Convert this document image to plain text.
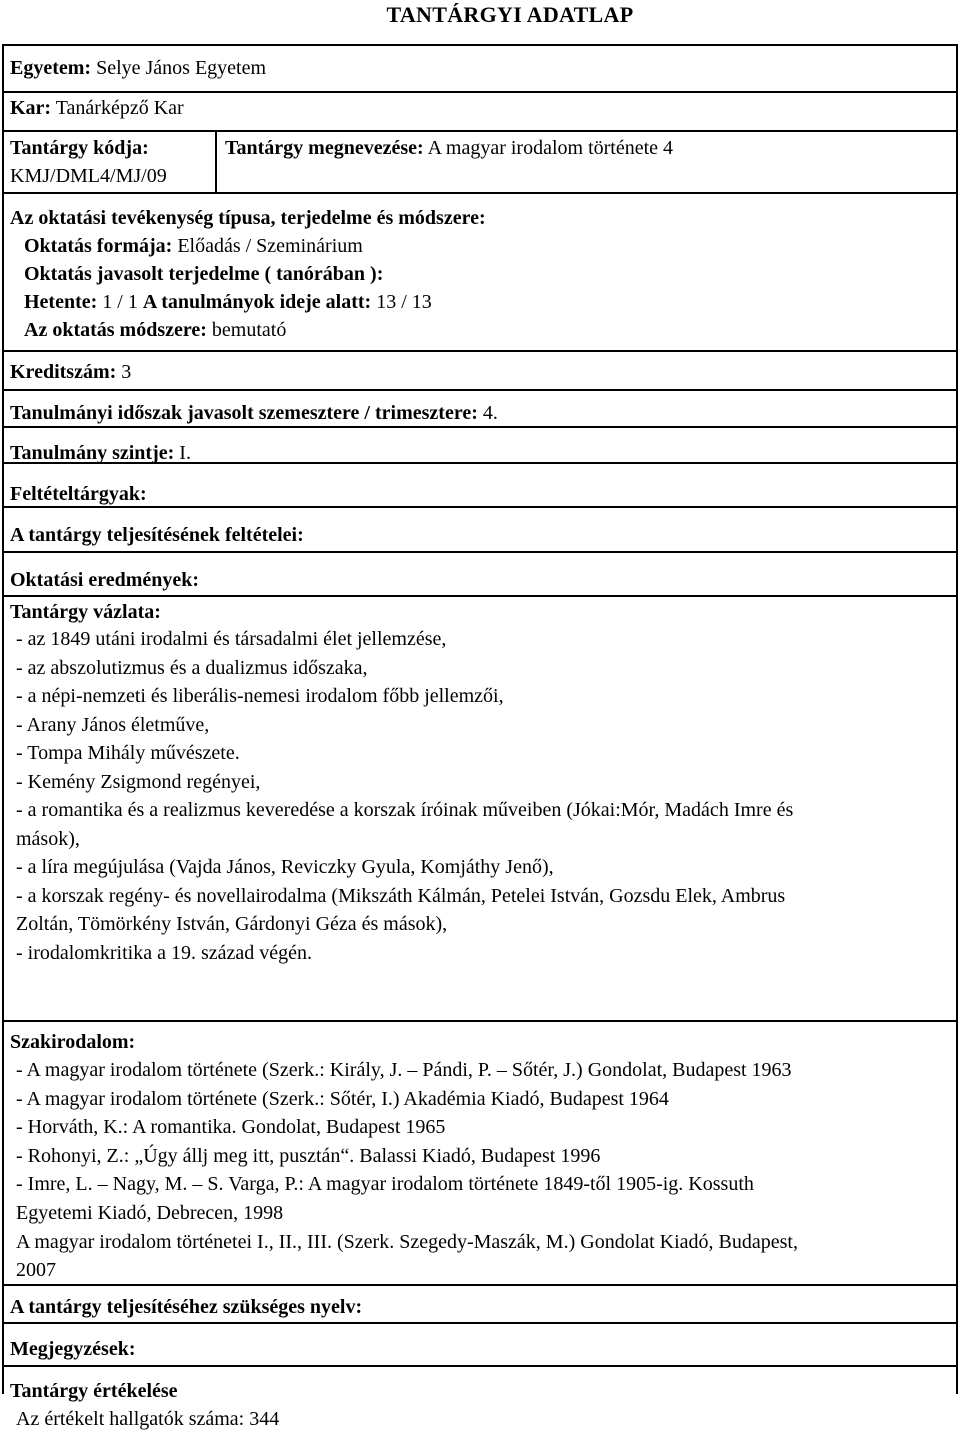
TANTÁRGYI ADATLAP
Egyetem: Selye János Egyetem
Kar: Tanárképző Kar
Tantárgy kódja:
KMJ/DML4/MJ/09
Tantárgy megnevezése: A magyar irodalom története 4
Az oktatási tevékenység típusa, terjedelme és módszere:
Oktatás formája: Előadás / Szeminárium
Oktatás javasolt terjedelme ( tanórában ):
Hetente: 1 / 1 A tanulmányok ideje alatt: 13 / 13
Az oktatás módszere: bemutató
Kreditszám: 3
Tanulmányi időszak javasolt szemesztere / trimesztere: 4.
Tanulmány szintje: I.
Feltételtárgyak:
A tantárgy teljesítésének feltételei:
Oktatási eredmények:
Tantárgy vázlata:
- az 1849 utáni irodalmi és társadalmi élet jellemzése,
- az abszolutizmus és a dualizmus időszaka,
- a népi-nemzeti és liberális-nemesi irodalom főbb jellemzői,
- Arany János életműve,
- Tompa Mihály művészete.
- Kemény Zsigmond regényei,
- a romantika és a realizmus keveredése a korszak íróinak műveiben (Jókai:Mór, Madách Imre és
mások),
- a líra megújulása (Vajda János, Reviczky Gyula, Komjáthy Jenő),
- a korszak regény- és novellairodalma (Mikszáth Kálmán, Petelei István, Gozsdu Elek, Ambrus
Zoltán, Tömörkény István, Gárdonyi Géza és mások),
- irodalomkritika a 19. század végén.
Szakirodalom:
- A magyar irodalom története (Szerk.: Király, J. – Pándi, P. – Sőtér, J.) Gondolat, Budapest 1963
- A magyar irodalom története (Szerk.: Sőtér, I.) Akadémia Kiadó, Budapest 1964
- Horváth, K.: A romantika. Gondolat, Budapest 1965
- Rohonyi, Z.: „Úgy állj meg itt, pusztán“. Balassi Kiadó, Budapest 1996
- Imre, L. – Nagy, M. – S. Varga, P.: A magyar irodalom története 1849-től 1905-ig. Kossuth
Egyetemi Kiadó, Debrecen, 1998
A magyar irodalom történetei I., II., III. (Szerk. Szegedy-Maszák, M.) Gondolat Kiadó, Budapest,
2007
A tantárgy teljesítéséhez szükséges nyelv:
Megjegyzések:
Tantárgy értékelése
Az értékelt hallgatók száma: 344
